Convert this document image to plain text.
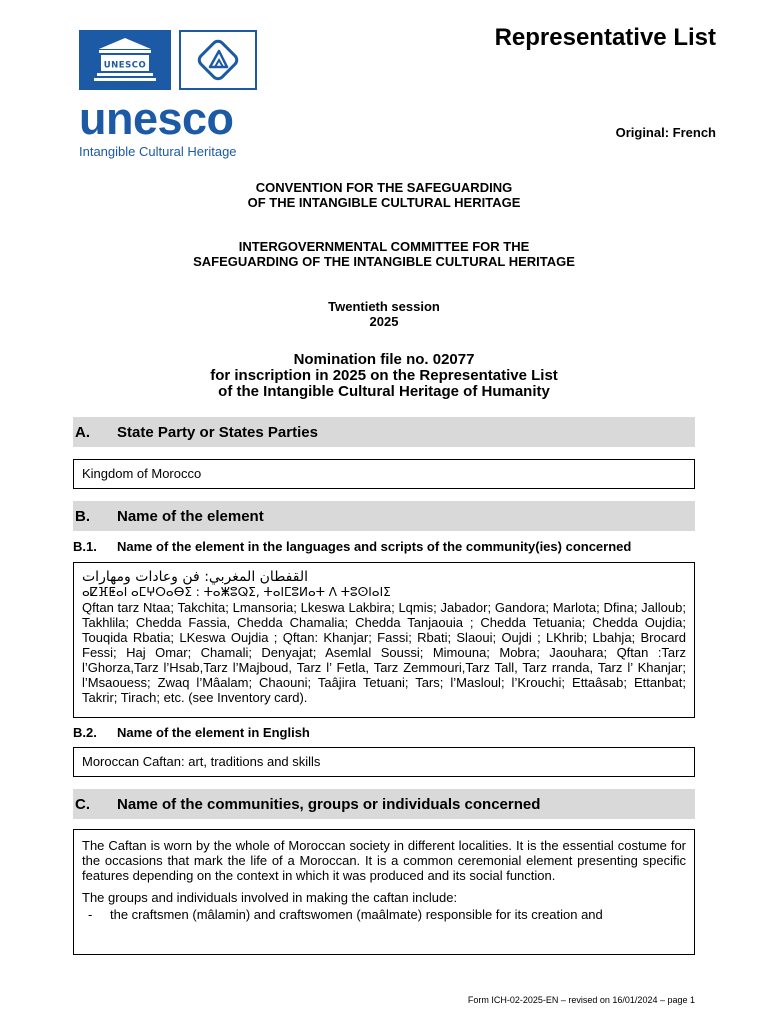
UNESCO
unesco
Intangible Cultural Heritage
Representative List
Original: French
CONVENTION FOR THE SAFEGUARDING
OF THE INTANGIBLE CULTURAL HERITAGE
INTERGOVERNMENTAL COMMITTEE FOR THE
SAFEGUARDING OF THE INTANGIBLE CULTURAL HERITAGE
Twentieth session
2025
Nomination file no. 02077
for inscription in 2025 on the Representative List
of the Intangible Cultural Heritage of Humanity
A. State Party or States Parties
Kingdom of Morocco
B. Name of the element
B.1. Name of the element in the languages and scripts of the community(ies) concerned
القفطان المغربي: فن وعادات ومهارات
ⴰⵇⴼⵟⴰⵏ ⴰⵎⵖⵔⴰⴱⵉ : ⵜⴰⵥⵓⵕⵉ, ⵜⴰⵏⵎⵓⵍⴰⵜ ⴷ ⵜⵓⵙⵏⴰⵏⵉ
Qftan tarz Ntaa; Takchita; Lmansoria; Lkeswa Lakbira; Lqmis; Jabador; Gandora; Marlota; Dfina; Jalloub; Takhlila; Chedda Fassia, Chedda Chamalia; Chedda Tanjaouia ; Chedda Tetuania; Chedda Oujdia; Touqida Rbatia; LKeswa Oujdia ; Qftan: Khanjar; Fassi; Rbati; Slaoui; Oujdi ; LKhrib; Lbahja; Brocard Fessi; Haj Omar; Chamali; Denyajat; Asemlal Soussi; Mimouna; Mobra; Jaouhara; Qftan :Tarz l’Ghorza,Tarz l’Hsab,Tarz l’Majboud, Tarz l’ Fetla, Tarz Zemmouri,Tarz Tall, Tarz rranda, Tarz l’ Khanjar; l’Msaouess; Zwaq l’Mâalam; Chaouni; Taâjira Tetuani; Tars; l’Masloul; l’Krouchi; Ettaâsab; Ettanbat; Takrir; Tirach; etc. (see Inventory card).
B.2. Name of the element in English
Moroccan Caftan: art, traditions and skills
C. Name of the communities, groups or individuals concerned
The Caftan is worn by the whole of Moroccan society in different localities. It is the essential costume for the occasions that mark the life of a Moroccan. It is a common ceremonial element presenting specific features depending on the context in which it was produced and its social function.
The groups and individuals involved in making the caftan include:
- the craftsmen (mâlamin) and craftswomen (maâlmate) responsible for its creation and
Form ICH-02-2025-EN – revised on 16/01/2024 – page 1
